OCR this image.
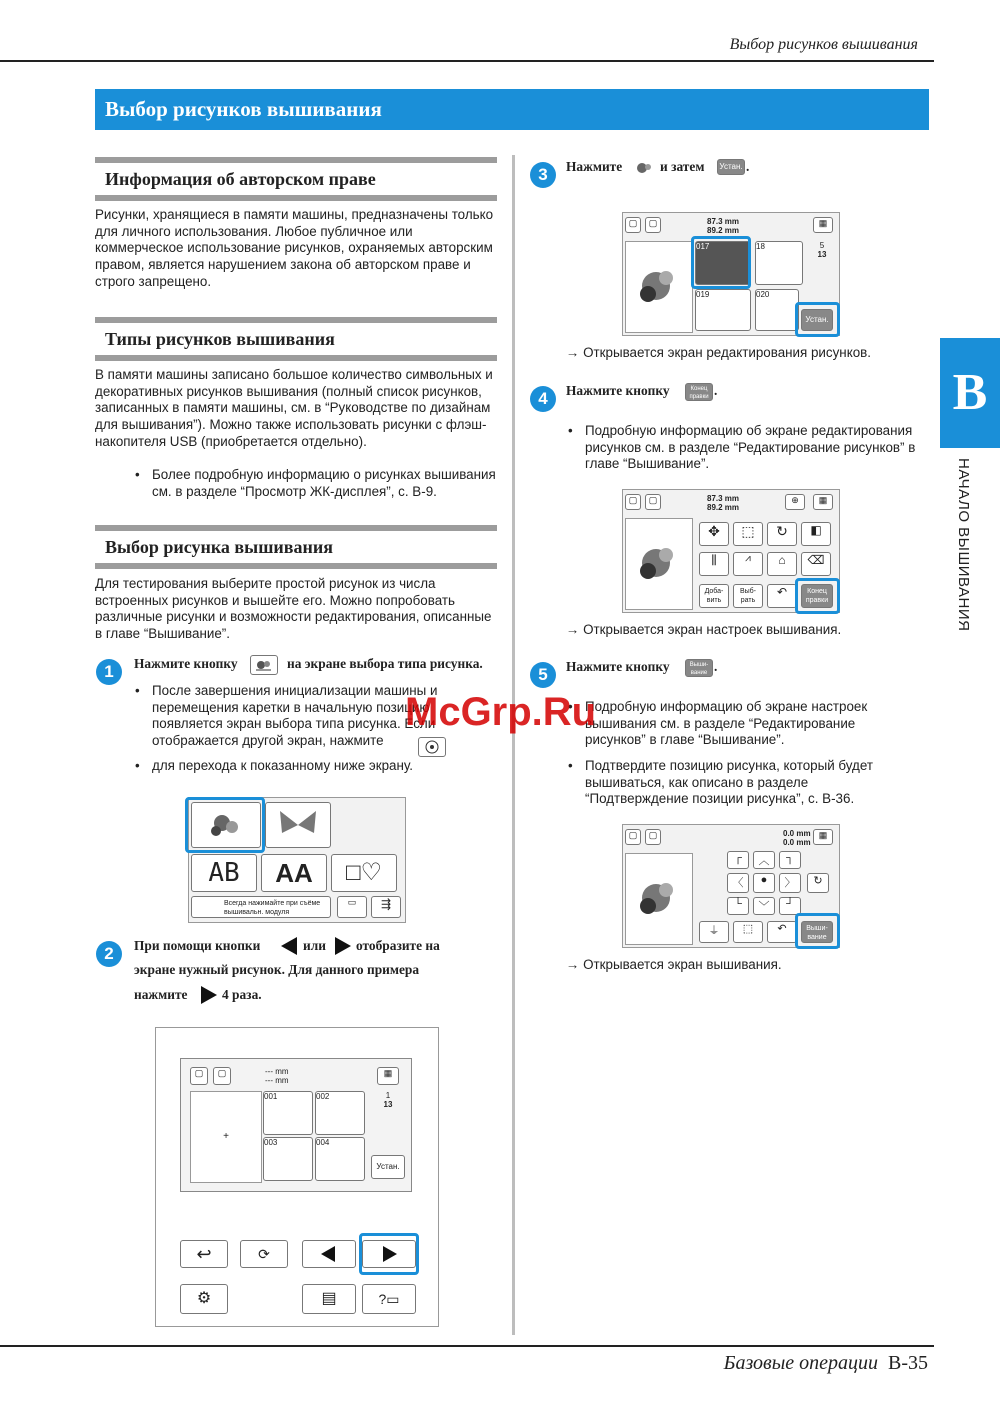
Выбор рисунков вышивания
Выбор рисунков вышивания
Информация об авторском праве
Рисунки, хранящиеся в памяти машины, предназначены только для личного использования. Любое публичное или коммерческое использование рисунков, охраняемых авторским правом, является нарушением закона об авторском праве и строго запрещено.
Типы рисунков вышивания
В памяти машины записано большое количество символьных и декоративных рисунков вышивания (полный список рисунков, записанных в памяти машины, см. в “Руководстве по дизайнам для вышивания”). Можно также использовать рисунки с флэш-накопителя USB (приобретается отдельно).
• Более подробную информацию о рисунках вышивания см. в разделе “Просмотр ЖК-дисплея”, с. B-9.
Выбор рисунка вышивания
Для тестирования выберите простой рисунок из числа встроенных рисунков и вышейте его. Можно попробовать различные рисунки и возможности редактирования, описанные в главе “Вышивание”.
1	Нажмите кнопку	на экране выбора типа рисунка.
• После завершения инициализации машины и перемещения каретки в начальную позицию появляется экран выбора типа рисунка. Если отображается другой экран, нажмите
• для перехода к показанному ниже экрану.
AB	AA	□♡
Всегда нажимайте при съёме вышивальн. модуля
▭	⇶
2	При помощи кнопки	или отобразите на
экране нужный рисунок. Для данного примера
нажмите	4 раза.
▢	▢	--- mm
--- mm
▦
+
001	002
003	004
1
13
Устан.
↩	⟳
⚙	▤	?▭
3	Нажмите	и затем Устан. .
▢	▢	87.3 mm
89.2 mm
▦
017	18
019	020
5
13
Устан.
→ Открывается экран редактирования рисунков.
4	Нажмите кнопку	Конец правки .
• Подробную информацию об экране редактирования рисунков см. в разделе “Редактирование рисунков” в главе “Вышивание”.
▢	▢	87.3 mm
89.2 mm
⊕	▦
✥	⬚	↻	◧
⫼	⩘	⌂	⌫
Доба- вить
Выб- рать
↶	Конец правки
→ Открывается экран настроек вышивания.
5	Нажмите кнопку	Выши- вание .
• Подробную информацию об экране настроек вышивания см. в разделе “Редактирование рисунков” в главе “Вышивание”.
• Подтвердите позицию рисунка, который будет вышиваться, как описано в разделе “Подтверждение позиции рисунка”, с. B-36.
▢	▢	0.0 mm
0.0 mm
▦
┌	︿	┐
〈	●	〉	↻
└	﹀	┘
⏚	⬚	↶	Выши- вание
→ Открывается экран вышивания.
B
НАЧАЛО ВЫШИВАНИЯ
McGrp.Ru
Базовые операции B-35
